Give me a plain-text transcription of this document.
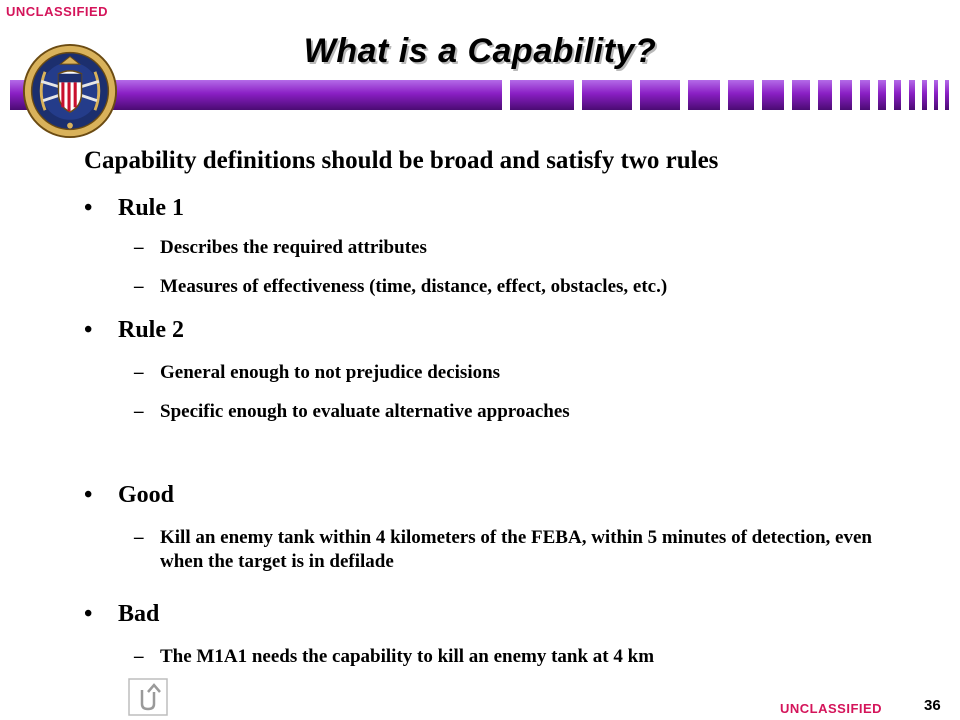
UNCLASSIFIED
What is a Capability?
Capability definitions should be broad and satisfy two rules
• Rule 1
– Describes the required attributes
– Measures of effectiveness (time, distance, effect, obstacles, etc.)
• Rule 2
– General enough to not prejudice decisions
– Specific enough to evaluate alternative approaches
• Good
– Kill an enemy tank within 4 kilometers of the FEBA, within 5 minutes of detection, even when the target is in defilade
• Bad
– The M1A1 needs the capability to kill an enemy tank at 4 km
UNCLASSIFIED	36
